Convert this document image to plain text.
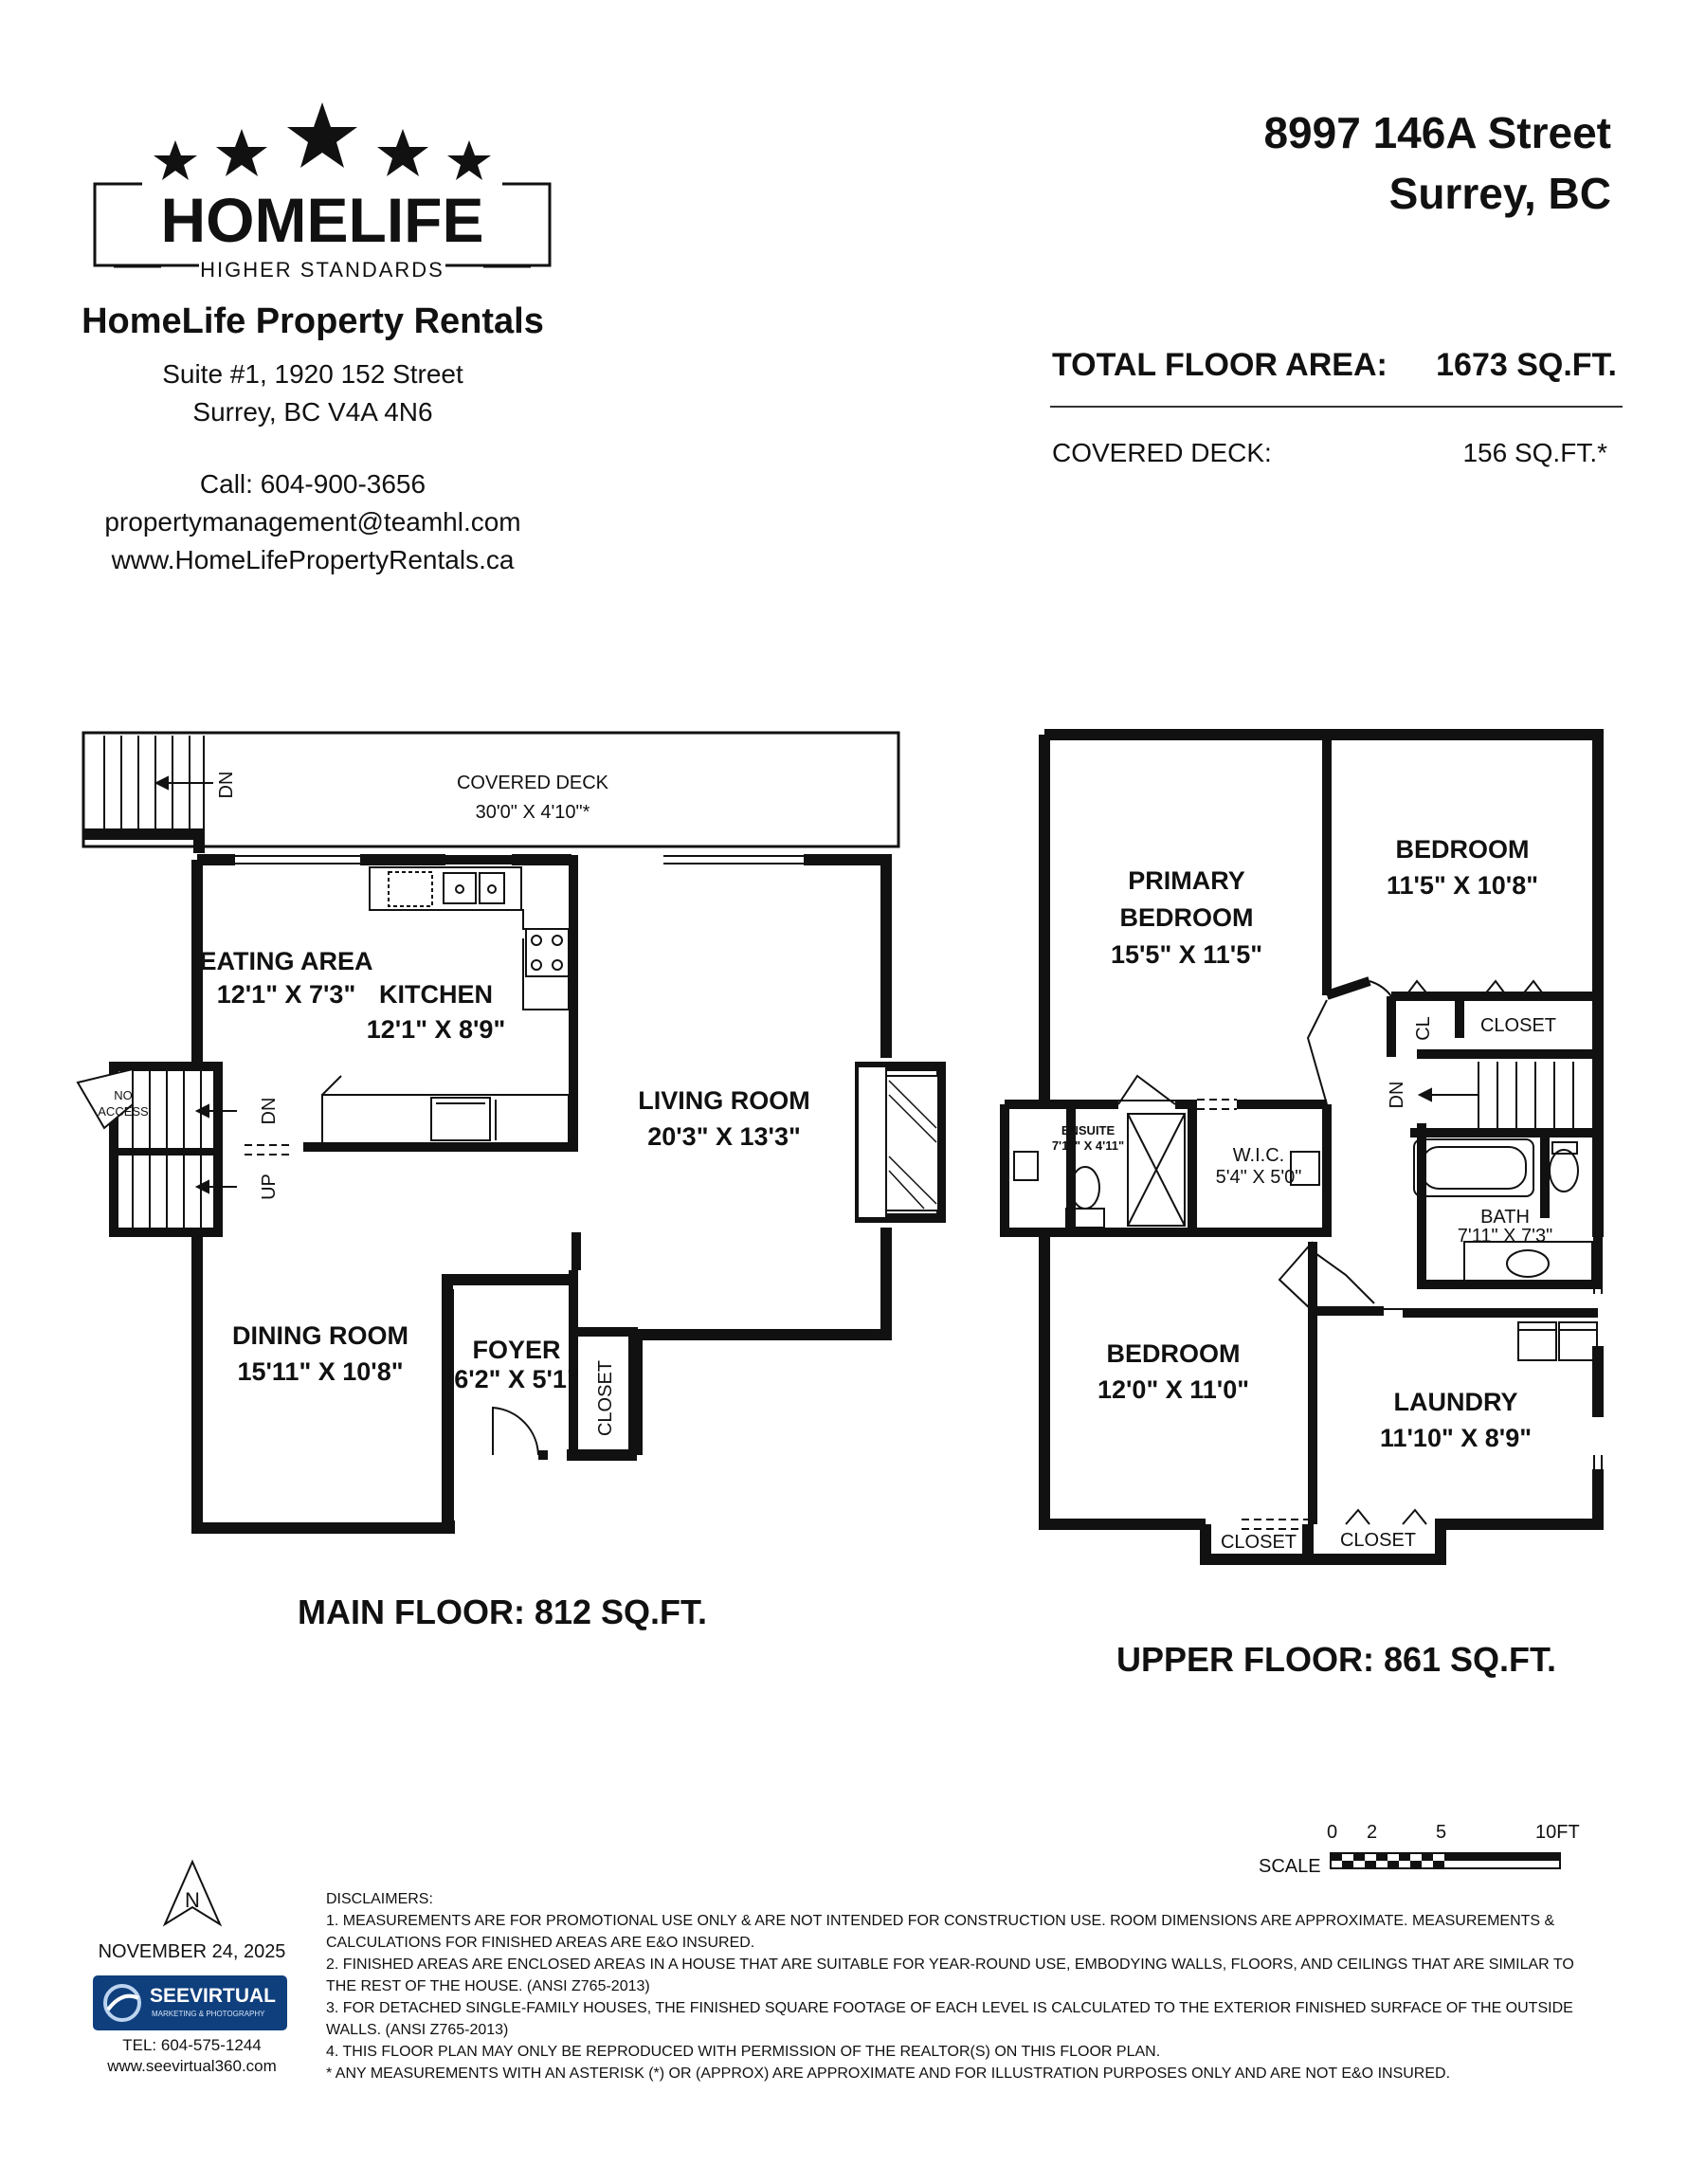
HOMELIFE
HIGHER STANDARDS
HomeLife Property Rentals
Suite #1, 1920 152 Street
Surrey, BC V4A 4N6
Call: 604-900-3656
propertymanagement@teamhl.com
www.HomeLifePropertyRentals.ca
8997 146A Street
Surrey, BC
TOTAL FLOOR AREA:	1673 SQ.FT.
COVERED DECK:	156 SQ.FT.*
COVERED DECK
30'0" X 4'10"*
DN
EATING AREA
12'1" X 7'3" KITCHEN
12'1" X 8'9"
LIVING ROOM
20'3" X 13'3"
DINING ROOM
15'11" X 10'8"
FOYER
6'2" X 5'1" CLOSET
NO
ACCESS	DN
UP
MAIN FLOOR: 812 SQ.FT.
PRIMARY
BEDROOM
15'5" X 11'5"
BEDROOM
11'5" X 10'8"
CLOSET
CL
DN
ENSUITE
7'11" X 4'11"	W.I.C.
5'4" X 5'0"
BATH
7'11" X 7'3"
BEDROOM
12'0" X 11'0"	LAUNDRY
11'10" X 8'9"
CLOSET CLOSET
UPPER FLOOR: 861 SQ.FT.
0 2	5	10FT
SCALE
N
NOVEMBER 24, 2025
SEEVIRTUAL
MARKETING & PHOTOGRAPHY
TEL: 604-575-1244
www.seevirtual360.com
DISCLAIMERS:
1. MEASUREMENTS ARE FOR PROMOTIONAL USE ONLY & ARE NOT INTENDED FOR CONSTRUCTION USE. ROOM DIMENSIONS ARE APPROXIMATE. MEASUREMENTS & CALCULATIONS FOR FINISHED AREAS ARE E&O INSURED.
2. FINISHED AREAS ARE ENCLOSED AREAS IN A HOUSE THAT ARE SUITABLE FOR YEAR-ROUND USE, EMBODYING WALLS, FLOORS, AND CEILINGS THAT ARE SIMILAR TO THE REST OF THE HOUSE. (ANSI Z765-2013)
3. FOR DETACHED SINGLE-FAMILY HOUSES, THE FINISHED SQUARE FOOTAGE OF EACH LEVEL IS CALCULATED TO THE EXTERIOR FINISHED SURFACE OF THE OUTSIDE WALLS. (ANSI Z765-2013)
4. THIS FLOOR PLAN MAY ONLY BE REPRODUCED WITH PERMISSION OF THE REALTOR(S) ON THIS FLOOR PLAN.
* ANY MEASUREMENTS WITH AN ASTERISK (*) OR (APPROX) ARE APPROXIMATE AND FOR ILLUSTRATION PURPOSES ONLY AND ARE NOT E&O INSURED.
